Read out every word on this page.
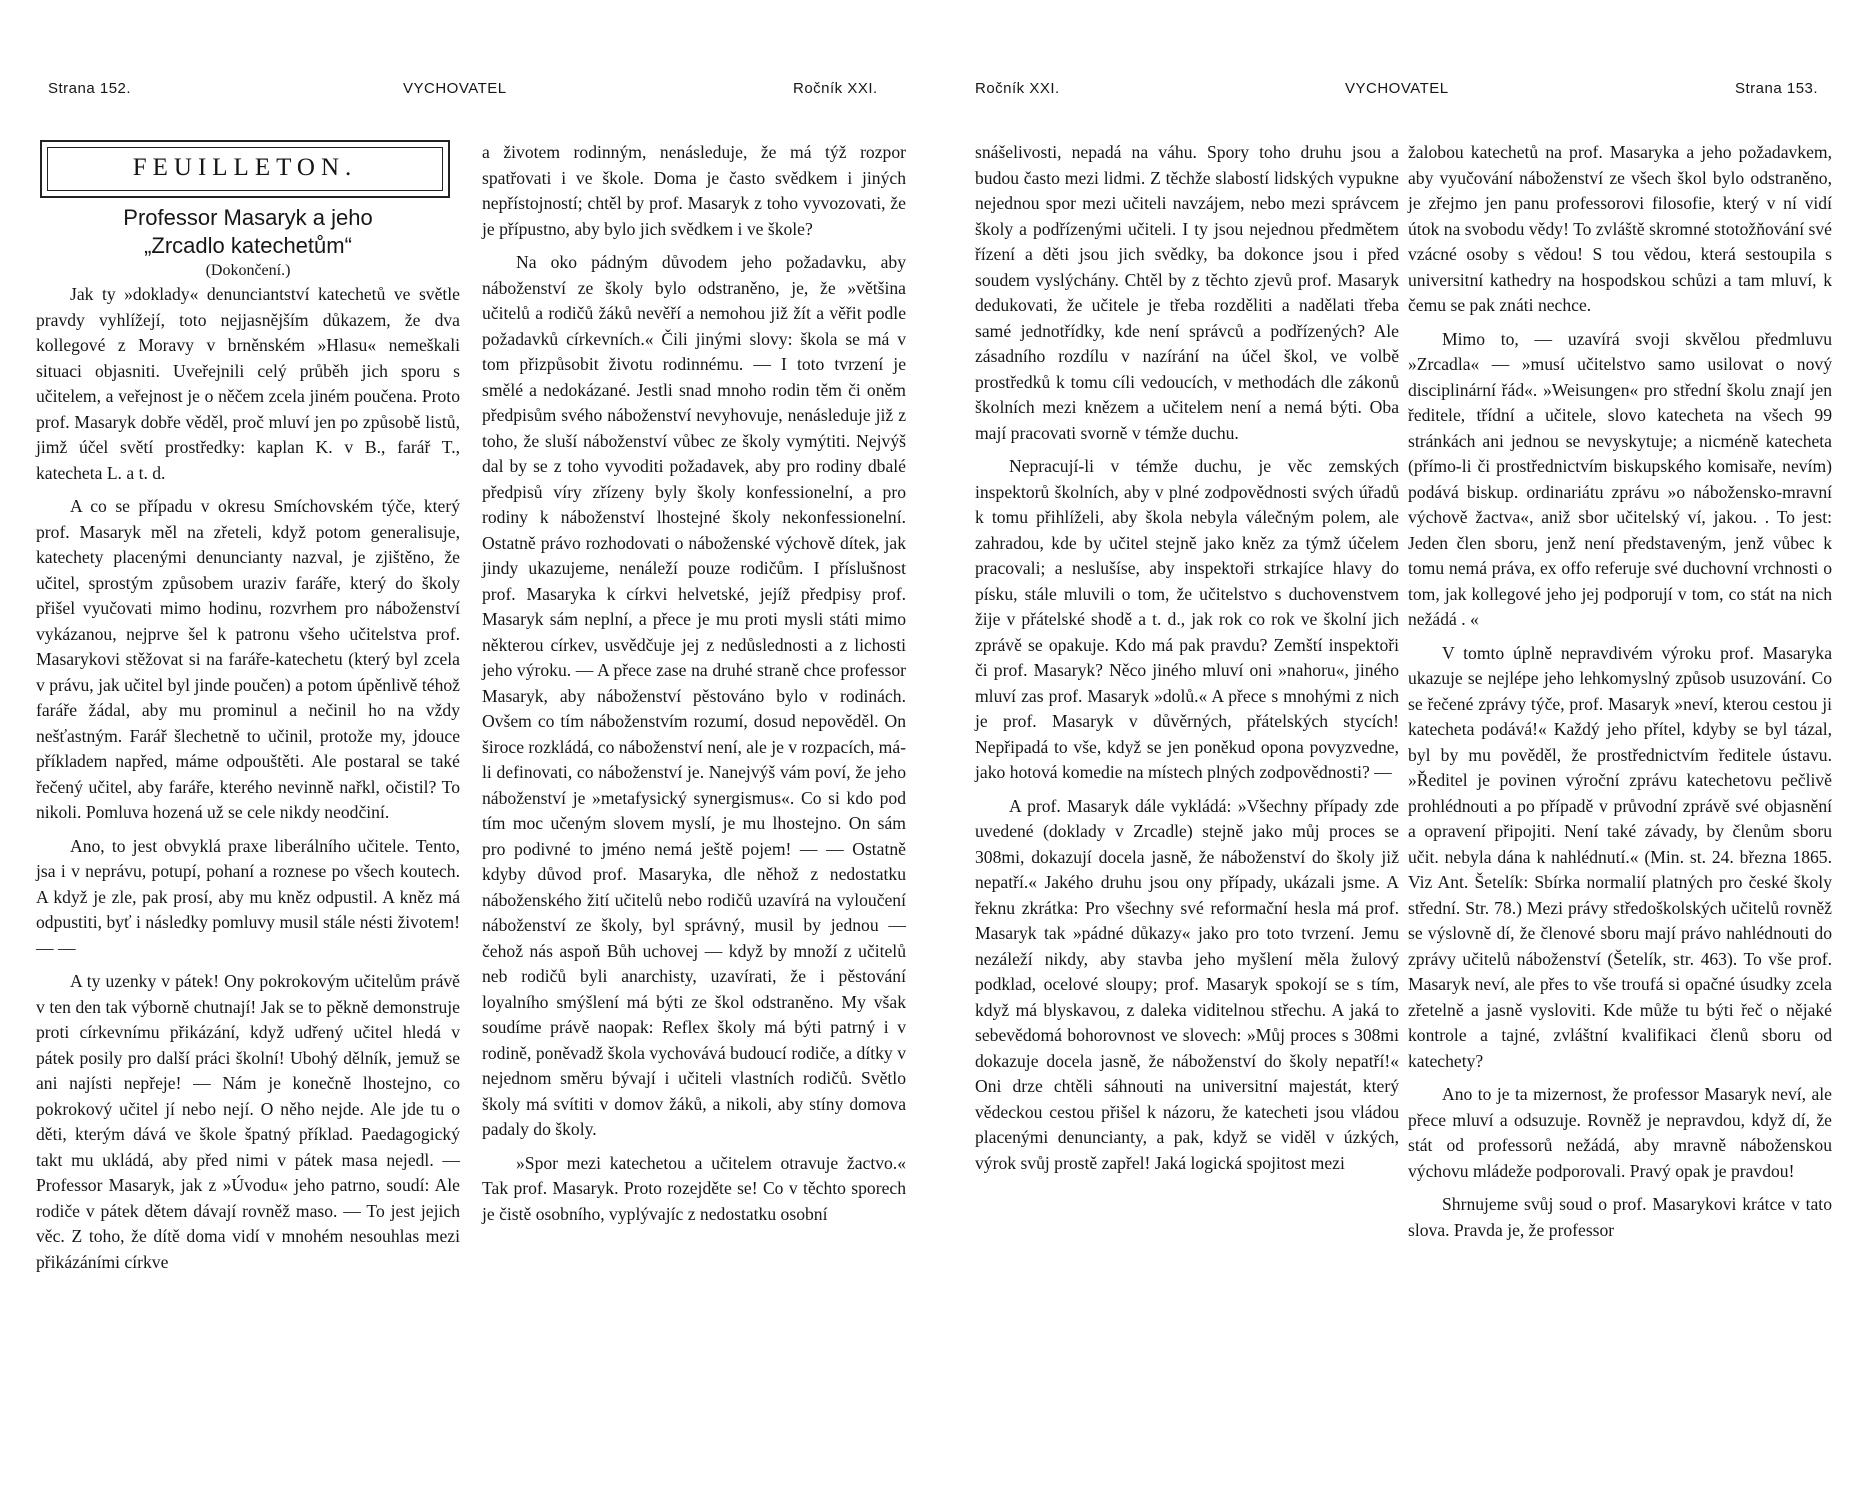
Strana 152.	VYCHOVATEL	Ročník XXI.	Ročník XXI.	VYCHOVATEL	Strana 153.
FEUILLETON.
Professor Masaryk a jeho
„Zrcadlo katechetům“
(Dokončení.)

Jak ty »doklady« denunciantství katechetů ve světle pravdy vyhlížejí, toto nejjasnějším důkazem, že dva kollegové z Moravy v brněnském »Hlasu« nemeškali situaci objasniti. Uveřejnili celý průběh jich sporu s učitelem, a veřejnost je o něčem zcela jiném poučena. Proto prof. Masaryk dobře věděl, proč mluví jen po způsobě listů, jimž účel světí prostředky: kaplan K. v B., farář T., katecheta L. a t. d.

A co se případu v okresu Smíchovském týče, který prof. Masaryk měl na zřeteli, když potom generalisuje, katechety placenými denuncianty nazval, je zjištěno, že učitel, sprostým způsobem uraziv faráře, který do školy přišel vyučovati mimo hodinu, rozvrhem pro náboženství vykázanou, nejprve šel k patronu všeho učitelstva prof. Masarykovi stěžovat si na faráře-katechetu (který byl zcela v právu, jak učitel byl jinde poučen) a potom úpěnlivě téhož faráře žádal, aby mu prominul a nečinil ho na vždy nešťastným. Farář šlechetně to učinil, protože my, jdouce příkladem napřed, máme odpouštěti. Ale postaral se také řečený učitel, aby faráře, kterého nevinně nařkl, očistil? To nikoli. Pomluva hozená už se cele nikdy neodčiní.

Ano, to jest obvyklá praxe liberálního učitele. Tento, jsa i v neprávu, potupí, pohaní a roznese po všech koutech. A když je zle, pak prosí, aby mu kněz odpustil. A kněz má odpustiti, byť i následky pomluvy musil stále nésti životem! — —

A ty uzenky v pátek! Ony pokrokovým učitelům právě v ten den tak výborně chutnají! Jak se to pěkně demonstruje proti církevnímu přikázání, když udřený učitel hledá v pátek posily pro další práci školní! Ubohý dělník, jemuž se ani najísti nepřeje! — Nám je konečně lhostejno, co pokrokový učitel jí nebo nejí. O něho nejde. Ale jde tu o děti, kterým dává ve škole špatný příklad. Paedagogický takt mu ukládá, aby před nimi v pátek masa nejedl. — Professor Masaryk, jak z »Úvodu« jeho patrno, soudí: Ale rodiče v pátek dětem dávají rovněž maso. — To jest jejich věc. Z toho, že dítě doma vidí v mnohém nesouhlas mezi přikázáními církve

a životem rodinným, nenásleduje, že má týž rozpor spatřovati i ve škole. Doma je často svědkem i jiných nepřístojností; chtěl by prof. Masaryk z toho vyvozovati, že je přípustno, aby bylo jich svědkem i ve škole?

Na oko pádným důvodem jeho požadavku, aby náboženství ze školy bylo odstraněno, je, že »většina učitelů a rodičů žáků nevěří a nemohou již žít a věřit podle požadavků církevních.« Čili jinými slovy: škola se má v tom přizpůsobit životu rodinnému. — I toto tvrzení je smělé a nedokázané. Jestli snad mnoho rodin těm či oněm předpisům svého náboženství nevyhovuje, nenásleduje již z toho, že sluší náboženství vůbec ze školy vymýtiti. Nejvýš dal by se z toho vyvoditi požadavek, aby pro rodiny dbalé předpisů víry zřízeny byly školy konfessionelní, a pro rodiny k náboženství lhostejné školy nekonfessionelní. Ostatně právo rozhodovati o náboženské výchově dítek, jak jindy ukazujeme, nenáleží pouze rodičům. I příslušnost prof. Masaryka k církvi helvetské, jejíž předpisy prof. Masaryk sám neplní, a přece je mu proti mysli státi mimo některou církev, usvědčuje jej z nedůslednosti a z lichosti jeho výroku. — A přece zase na druhé straně chce professor Masaryk, aby náboženství pěstováno bylo v rodinách. Ovšem co tím náboženstvím rozumí, dosud nepověděl. On široce rozkládá, co náboženství není, ale je v rozpacích, má-li definovati, co náboženství je. Nanejvýš vám poví, že jeho náboženství je »metafysický synergismus«. Co si kdo pod tím moc učeným slovem myslí, je mu lhostejno. On sám pro podivné to jméno nemá ještě pojem! — — Ostatně kdyby důvod prof. Masaryka, dle něhož z nedostatku náboženského žití učitelů nebo rodičů uzavírá na vyloučení náboženství ze školy, byl správný, musil by jednou — čehož nás aspoň Bůh uchovej — když by množí z učitelů neb rodičů byli anarchisty, uzavírati, že i pěstování loyalního smýšlení má býti ze škol odstraněno. My však soudíme právě naopak: Reflex školy má býti patrný i v rodině, poněvadž škola vychovává budoucí rodiče, a dítky v nejednom směru bývají i učiteli vlastních rodičů. Světlo školy má svítiti v domov žáků, a nikoli, aby stíny domova padaly do školy.

»Spor mezi katechetou a učitelem otravuje žactvo.« Tak prof. Masaryk. Proto rozejděte se! Co v těchto sporech je čistě osobního, vyplývajíc z nedostatku osobní

snášelivosti, nepadá na váhu. Spory toho druhu jsou a budou často mezi lidmi. Z těchže slabostí lidských vypukne nejednou spor mezi učiteli navzájem, nebo mezi správcem školy a podřízenými učiteli. I ty jsou nejednou předmětem řízení a děti jsou jich svědky, ba dokonce jsou i před soudem vyslýchány. Chtěl by z těchto zjevů prof. Masaryk dedukovati, že učitele je třeba rozděliti a nadělati třeba samé jednotřídky, kde není správců a podřízených? Ale zásadního rozdílu v nazírání na účel škol, ve volbě prostředků k tomu cíli vedoucích, v methodách dle zákonů školních mezi knězem a učitelem není a nemá býti. Oba mají pracovati svorně v témže duchu.

Nepracují-li v témže duchu, je věc zemských inspektorů školních, aby v plné zodpovědnosti svých úřadů k tomu přihlíželi, aby škola nebyla válečným polem, ale zahradou, kde by učitel stejně jako kněz za týmž účelem pracovali; a neslušíse, aby inspektoři strkajíce hlavy do písku, stále mluvili o tom, že učitelstvo s duchovenstvem žije v přátelské shodě a t. d., jak rok co rok ve školní jich zprávě se opakuje. Kdo má pak pravdu? Zemští inspektoři či prof. Masaryk? Něco jiného mluví oni »nahoru«, jiného mluví zas prof. Masaryk »dolů.« A přece s mnohými z nich je prof. Masaryk v důvěrných, přátelských stycích! Nepřipadá to vše, když se jen poněkud opona povyzvedne, jako hotová komedie na místech plných zodpovědnosti? —

A prof. Masaryk dále vykládá: »Všechny případy zde uvedené (doklady v Zrcadle) stejně jako můj proces se 308mi, dokazují docela jasně, že náboženství do školy již nepatří.« Jakého druhu jsou ony případy, ukázali jsme. A řeknu zkrátka: Pro všechny své reformační hesla má prof. Masaryk tak »pádné důkazy« jako pro toto tvrzení. Jemu nezáleží nikdy, aby stavba jeho myšlení měla žulový podklad, ocelové sloupy; prof. Masaryk spokojí se s tím, když má blyskavou, z daleka viditelnou střechu. A jaká to sebevědomá bohorovnost ve slovech: »Můj proces s 308mi dokazuje docela jasně, že náboženství do školy nepatří!« Oni drze chtěli sáhnouti na universitní majestát, který vědeckou cestou přišel k názoru, že katecheti jsou vládou placenými denuncianty, a pak, když se viděl v úzkých, výrok svůj prostě zapřel! Jaká logická spojitost mezi

žalobou katechetů na prof. Masaryka a jeho požadavkem, aby vyučování náboženství ze všech škol bylo odstraněno, je zřejmo jen panu professorovi filosofie, který v ní vidí útok na svobodu vědy! To zvláště skromné stotožňování své vzácné osoby s vědou! S tou vědou, která sestoupila s universitní kathedry na hospodskou schůzi a tam mluví, k čemu se pak znáti nechce.

Mimo to, — uzavírá svoji skvělou předmluvu »Zrcadla« — »musí učitelstvo samo usilovat o nový disciplinární řád«. »Weisungen« pro střední školu znají jen ředitele, třídní a učitele, slovo katecheta na všech 99 stránkách ani jednou se nevyskytuje; a nicméně katecheta (přímo-li či prostřednictvím biskupského komisaře, nevím) podává biskup. ordinariátu zprávu »o náboženskо-mravní výchově žactva«, aniž sbor učitelský ví, jakou. . To jest: Jeden člen sboru, jenž není představeným, jenž vůbec k tomu nemá práva, ex offo referuje své duchovní vrchnosti o tom, jak kollegové jeho jej podporují v tom, co stát na nich nežádá . «

V tomto úplně nepravdivém výroku prof. Masaryka ukazuje se nejlépe jeho lehkomyslný způsob usuzování. Co se řečené zprávy týče, prof. Masaryk »neví, kterou cestou ji katecheta podává!« Každý jeho přítel, kdyby se byl tázal, byl by mu pověděl, že prostřednictvím ředitele ústavu. »Ředitel je povinen výroční zprávu katechetovu pečlivě prohlédnouti a po případě v průvodní zprávě své objasnění a opravení připojiti. Není také závady, by členům sboru učit. nebyla dána k nahlédnutí.« (Min. st. 24. března 1865. Viz Ant. Šetelík: Sbírka normalií platných pro české školy střední. Str. 78.) Mezi právy středoškolských učitelů rovněž se výslovně dí, že členové sboru mají právo nahlédnouti do zprávy učitelů náboženství (Šetelík, str. 463). To vše prof. Masaryk neví, ale přes to vše troufá si opačné úsudky zcela zřetelně a jasně vysloviti. Kde může tu býti řeč o nějaké kontrole a tajné, zvláštní kvalifikaci členů sboru od katechety?

Ano to je ta mizernost, že professor Masaryk neví, ale přece mluví a odsuzuje. Rovněž je nepravdou, když dí, že stát od professorů nežádá, aby mravně náboženskou výchovu mládeže podporovali. Pravý opak je pravdou!

Shrnujeme svůj soud o prof. Masarykovi krátce v tato slova. Pravda je, že professor
